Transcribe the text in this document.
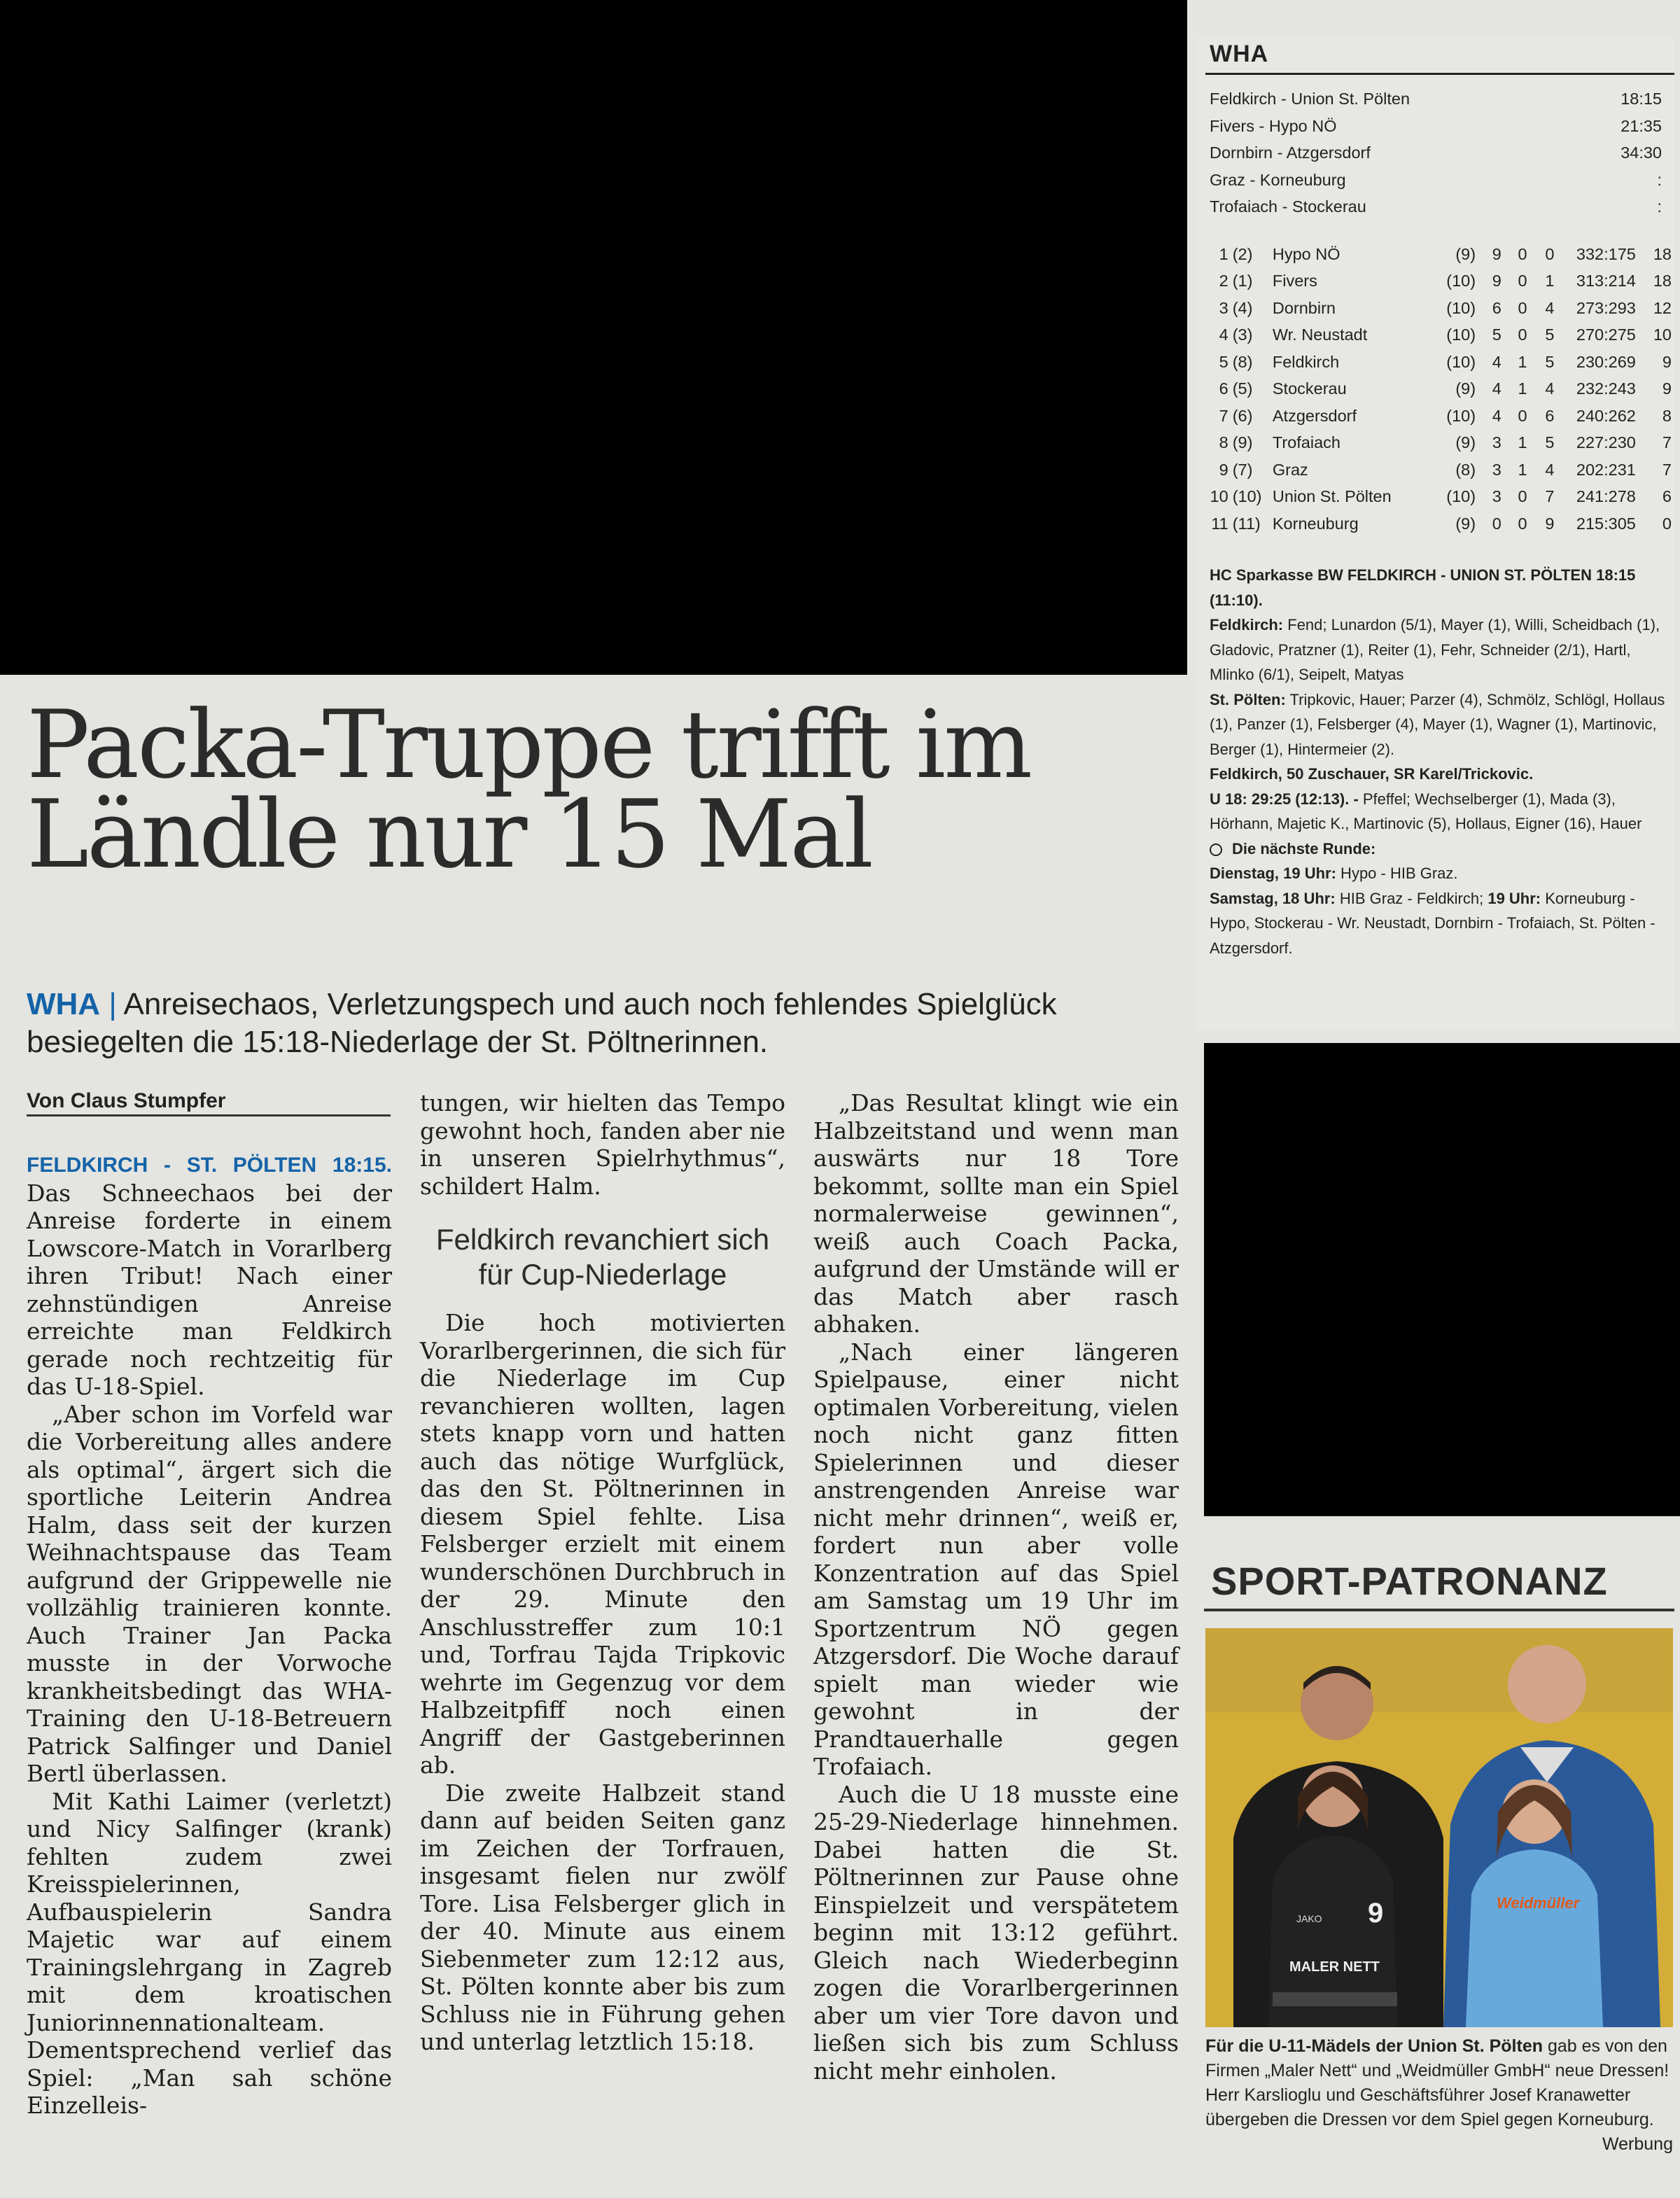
WHA
Feldkirch - Union St. Pölten	18:15
Fivers - Hypo NÖ	21:35
Dornbirn - Atzgersdorf	34:30
Graz - Korneuburg	:
Trofaiach - Stockerau	:
1	(2)	Hypo NÖ	(9)	9	0	0	332:175	18
2	(1)	Fivers	(10)	9	0	1	313:214	18
3	(4)	Dornbirn	(10)	6	0	4	273:293	12
4	(3)	Wr. Neustadt	(10)	5	0	5	270:275	10
5	(8)	Feldkirch	(10)	4	1	5	230:269	9
6	(5)	Stockerau	(9)	4	1	4	232:243	9
7	(6)	Atzgersdorf	(10)	4	0	6	240:262	8
8	(9)	Trofaiach	(9)	3	1	5	227:230	7
9	(7)	Graz	(8)	3	1	4	202:231	7
10	(10)	Union St. Pölten	(10)	3	0	7	241:278	6
11	(11)	Korneuburg	(9)	0	0	9	215:305	0

HC Sparkasse BW FELDKIRCH - UNION ST. PÖLTEN 18:15 (11:10).

Feldkirch: Fend; Lunardon (5/1), Mayer (1), Willi, Scheidbach (1), Gladovic, Pratzner (1), Reiter (1), Fehr, Schneider (2/1), Hartl, Mlinko (6/1), Seipelt, Matyas

St. Pölten: Tripkovic, Hauer; Parzer (4), Schmölz, Schlögl, Hollaus (1), Panzer (1), Felsberger (4), Mayer (1), Wagner (1), Martinovic, Berger (1), Hintermeier (2).

Feldkirch, 50 Zuschauer, SR Karel/Trickovic.

U 18: 29:25 (12:13). - Pfeffel; Wechselberger (1), Mada (3), Hörhann, Majetic K., Martinovic (5), Hollaus, Eigner (16), Hauer

Die nächste Runde:

Dienstag, 19 Uhr: Hypo - HIB Graz.

Samstag, 18 Uhr: HIB Graz - Feldkirch; 19 Uhr: Korneuburg - Hypo, Stockerau - Wr. Neustadt, Dornbirn - Trofaiach, St. Pölten - Atzgersdorf.

Packa-Truppe trifft im
Ländle nur 15 Mal
WHA | Anreisechaos, Verletzungspech und auch noch fehlendes Spielglück besiegelten die 15:18-Niederlage der St. Pöltnerinnen.
Von Claus Stumpfer

FELDKIRCH - ST. PÖLTEN 18:15. Das Schneechaos bei der Anreise forderte in einem Lowscore-Match in Vorarlberg ihren Tribut! Nach einer zehnstündigen Anreise erreichte man Feldkirch gerade noch rechtzeitig für das U-18-Spiel.

„Aber schon im Vorfeld war die Vorbereitung alles andere als optimal“, ärgert sich die sportliche Leiterin Andrea Halm, dass seit der kurzen Weihnachtspause das Team aufgrund der Grippewelle nie vollzählig trainieren konnte. Auch Trainer Jan Packa musste in der Vorwoche krankheitsbedingt das WHA-Training den U-18-Betreuern Patrick Salfinger und Daniel Bertl überlassen.

Mit Kathi Laimer (verletzt) und Nicy Salfinger (krank) fehlten zudem zwei Kreisspielerinnen, Aufbauspielerin Sandra Majetic war auf einem Trainingslehrgang in Zagreb mit dem kroatischen Juniorinnennationalteam. Dementsprechend verlief das Spiel: „Man sah schöne Einzelleis-

tungen, wir hielten das Tempo gewohnt hoch, fanden aber nie in unseren Spielrhythmus“, schildert Halm.

Feldkirch revanchiert sich für Cup-Niederlage

Die hoch motivierten Vorarlbergerinnen, die sich für die Niederlage im Cup revanchieren wollten, lagen stets knapp vorn und hatten auch das nötige Wurfglück, das den St. Pöltnerinnen in diesem Spiel fehlte. Lisa Felsberger erzielt mit einem wunderschönen Durchbruch in der 29. Minute den Anschlusstreffer zum 10:1 und, Torfrau Tajda Tripkovic wehrte im Gegenzug vor dem Halbzeitpfiff noch einen Angriff der Gastgeberinnen ab.

Die zweite Halbzeit stand dann auf beiden Seiten ganz im Zeichen der Torfrauen, insgesamt fielen nur zwölf Tore. Lisa Felsberger glich in der 40. Minute aus einem Siebenmeter zum 12:12 aus, St. Pölten konnte aber bis zum Schluss nie in Führung gehen und unterlag letztlich 15:18.

„Das Resultat klingt wie ein Halbzeitstand und wenn man auswärts nur 18 Tore bekommt, sollte man ein Spiel normalerweise gewinnen“, weiß auch Coach Packa, aufgrund der Umstände will er das Match aber rasch abhaken.

„Nach einer längeren Spielpause, einer nicht optimalen Vorbereitung, vielen noch nicht ganz fitten Spielerinnen und dieser anstrengenden Anreise war nicht mehr drinnen“, weiß er, fordert nun aber volle Konzentration auf das Spiel am Samstag um 19 Uhr im Sportzentrum NÖ gegen Atzgersdorf. Die Woche darauf spielt man wieder wie gewohnt in der Prandtauerhalle gegen Trofaiach.

Auch die U 18 musste eine 25-29-Niederlage hinnehmen. Dabei hatten die St. Pöltnerinnen zur Pause ohne Einspielzeit und verspätetem beginn mit 13:12 geführt. Gleich nach Wiederbeginn zogen die Vorarlbergerinnen aber um vier Tore davon und ließen sich bis zum Schluss nicht mehr einholen.

SPORT-PATRONANZ
JAKO 9
MALER NETT
Weidmüller
Für die U-11-Mädels der Union St. Pölten gab es von den Firmen „Maler Nett“ und „Weidmüller GmbH“ neue Dressen! Herr Karslioglu und Geschäftsführer Josef Kranawetter übergeben die Dressen vor dem Spiel gegen Korneuburg.
Werbung
